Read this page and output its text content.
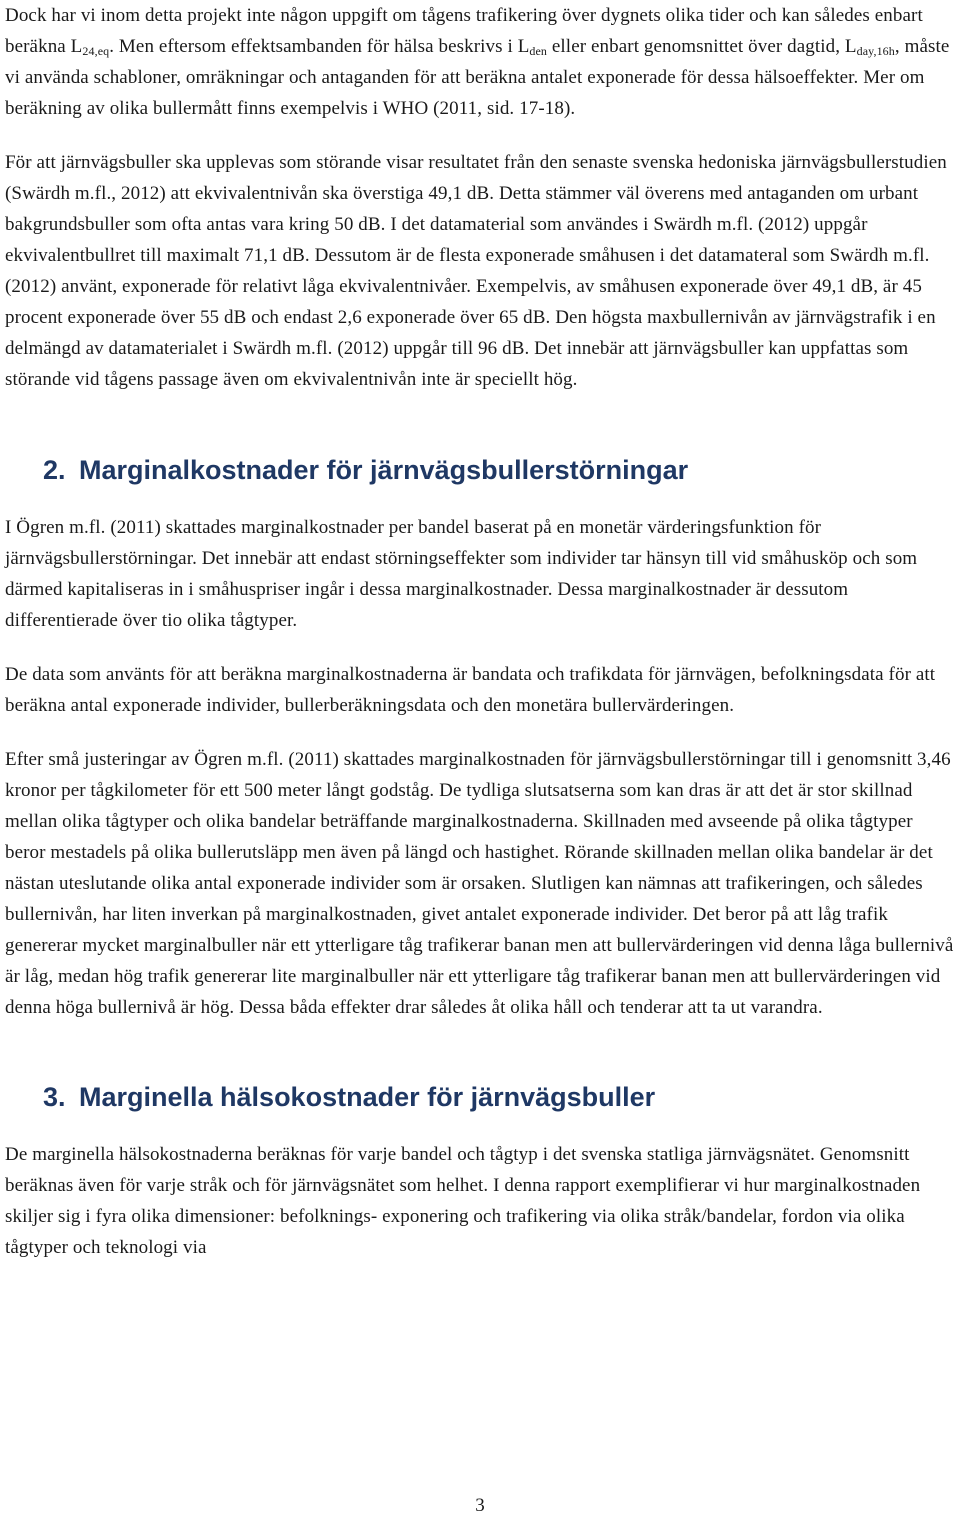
Dock har vi inom detta projekt inte någon uppgift om tågens trafikering över dygnets olika tider och kan således enbart beräkna $L_{24,eq}$. Men eftersom effektsambanden för hälsa beskrivs i $L_{den}$ eller enbart genomsnittet över dagtid, $L_{day,16h}$, måste vi använda schabloner, omräkningar och antaganden för att beräkna antalet exponerade för dessa hälsoeffekter. Mer om beräkning av olika bullermått finns exempelvis i WHO (2011, sid. 17-18).

För att järnvägsbuller ska upplevas som störande visar resultatet från den senaste svenska hedoniska järnvägsbullerstudien (Swärdh m.fl., 2012) att ekvivalentnivån ska överstiga 49,1 dB. Detta stämmer väl överens med antaganden om urbant bakgrundsbuller som ofta antas vara kring 50 dB. I det datamaterial som användes i Swärdh m.fl. (2012) uppgår ekvivalentbullret till maximalt 71,1 dB. Dessutom är de flesta exponerade småhusen i det datamateral som Swärdh m.fl. (2012) använt, exponerade för relativt låga ekvivalentnivåer. Exempelvis, av småhusen exponerade över 49,1 dB, är 45 procent exponerade över 55 dB och endast 2,6 exponerade över 65 dB. Den högsta maxbullernivån av järnvägstrafik i en delmängd av datamaterialet i Swärdh m.fl. (2012) uppgår till 96 dB. Det innebär att järnvägsbuller kan uppfattas som störande vid tågens passage även om ekvivalentnivån inte är speciellt hög.

2. Marginalkostnader för järnvägsbullerstörningar

I Ögren m.fl. (2011) skattades marginalkostnader per bandel baserat på en monetär värderingsfunktion för järnvägsbullerstörningar. Det innebär att endast störningseffekter som individer tar hänsyn till vid småhusköp och som därmed kapitaliseras in i småhuspriser ingår i dessa marginalkostnader. Dessa marginalkostnader är dessutom differentierade över tio olika tågtyper.

De data som använts för att beräkna marginalkostnaderna är bandata och trafikdata för järnvägen, befolkningsdata för att beräkna antal exponerade individer, bullerberäkningsdata och den monetära bullervärderingen.

Efter små justeringar av Ögren m.fl. (2011) skattades marginalkostnaden för järnvägsbullerstörningar till i genomsnitt 3,46 kronor per tågkilometer för ett 500 meter långt godståg. De tydliga slutsatserna som kan dras är att det är stor skillnad mellan olika tågtyper och olika bandelar beträffande marginalkostnaderna. Skillnaden med avseende på olika tågtyper beror mestadels på olika bullerutsläpp men även på längd och hastighet. Rörande skillnaden mellan olika bandelar är det nästan uteslutande olika antal exponerade individer som är orsaken. Slutligen kan nämnas att trafikeringen, och således bullernivån, har liten inverkan på marginalkostnaden, givet antalet exponerade individer. Det beror på att låg trafik genererar mycket marginalbuller när ett ytterligare tåg trafikerar banan men att bullervärderingen vid denna låga bullernivå är låg, medan hög trafik genererar lite marginalbuller när ett ytterligare tåg trafikerar banan men att bullervärderingen vid denna höga bullernivå är hög. Dessa båda effekter drar således åt olika håll och tenderar att ta ut varandra.

3. Marginella hälsokostnader för järnvägsbuller

De marginella hälsokostnaderna beräknas för varje bandel och tågtyp i det svenska statliga järnvägsnätet. Genomsnitt beräknas även för varje stråk och för järnvägsnätet som helhet. I denna rapport exemplifierar vi hur marginalkostnaden skiljer sig i fyra olika dimensioner: befolknings- exponering och trafikering via olika stråk/bandelar, fordon via olika tågtyper och teknologi via

3
